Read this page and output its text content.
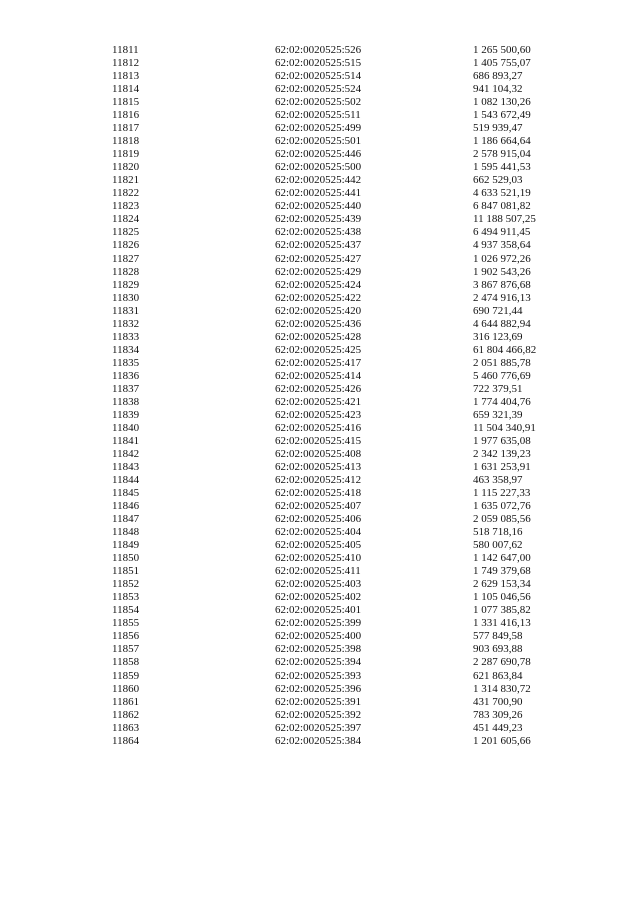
11811	62:02:0020525:526	1 265 500,60
11812	62:02:0020525:515	1 405 755,07
11813	62:02:0020525:514	686 893,27
11814	62:02:0020525:524	941 104,32
11815	62:02:0020525:502	1 082 130,26
11816	62:02:0020525:511	1 543 672,49
11817	62:02:0020525:499	519 939,47
11818	62:02:0020525:501	1 186 664,64
11819	62:02:0020525:446	2 578 915,04
11820	62:02:0020525:500	1 595 441,53
11821	62:02:0020525:442	662 529,03
11822	62:02:0020525:441	4 633 521,19
11823	62:02:0020525:440	6 847 081,82
11824	62:02:0020525:439	11 188 507,25
11825	62:02:0020525:438	6 494 911,45
11826	62:02:0020525:437	4 937 358,64
11827	62:02:0020525:427	1 026 972,26
11828	62:02:0020525:429	1 902 543,26
11829	62:02:0020525:424	3 867 876,68
11830	62:02:0020525:422	2 474 916,13
11831	62:02:0020525:420	690 721,44
11832	62:02:0020525:436	4 644 882,94
11833	62:02:0020525:428	316 123,69
11834	62:02:0020525:425	61 804 466,82
11835	62:02:0020525:417	2 051 885,78
11836	62:02:0020525:414	5 460 776,69
11837	62:02:0020525:426	722 379,51
11838	62:02:0020525:421	1 774 404,76
11839	62:02:0020525:423	659 321,39
11840	62:02:0020525:416	11 504 340,91
11841	62:02:0020525:415	1 977 635,08
11842	62:02:0020525:408	2 342 139,23
11843	62:02:0020525:413	1 631 253,91
11844	62:02:0020525:412	463 358,97
11845	62:02:0020525:418	1 115 227,33
11846	62:02:0020525:407	1 635 072,76
11847	62:02:0020525:406	2 059 085,56
11848	62:02:0020525:404	518 718,16
11849	62:02:0020525:405	580 007,62
11850	62:02:0020525:410	1 142 647,00
11851	62:02:0020525:411	1 749 379,68
11852	62:02:0020525:403	2 629 153,34
11853	62:02:0020525:402	1 105 046,56
11854	62:02:0020525:401	1 077 385,82
11855	62:02:0020525:399	1 331 416,13
11856	62:02:0020525:400	577 849,58
11857	62:02:0020525:398	903 693,88
11858	62:02:0020525:394	2 287 690,78
11859	62:02:0020525:393	621 863,84
11860	62:02:0020525:396	1 314 830,72
11861	62:02:0020525:391	431 700,90
11862	62:02:0020525:392	783 309,26
11863	62:02:0020525:397	451 449,23
11864	62:02:0020525:384	1 201 605,66
